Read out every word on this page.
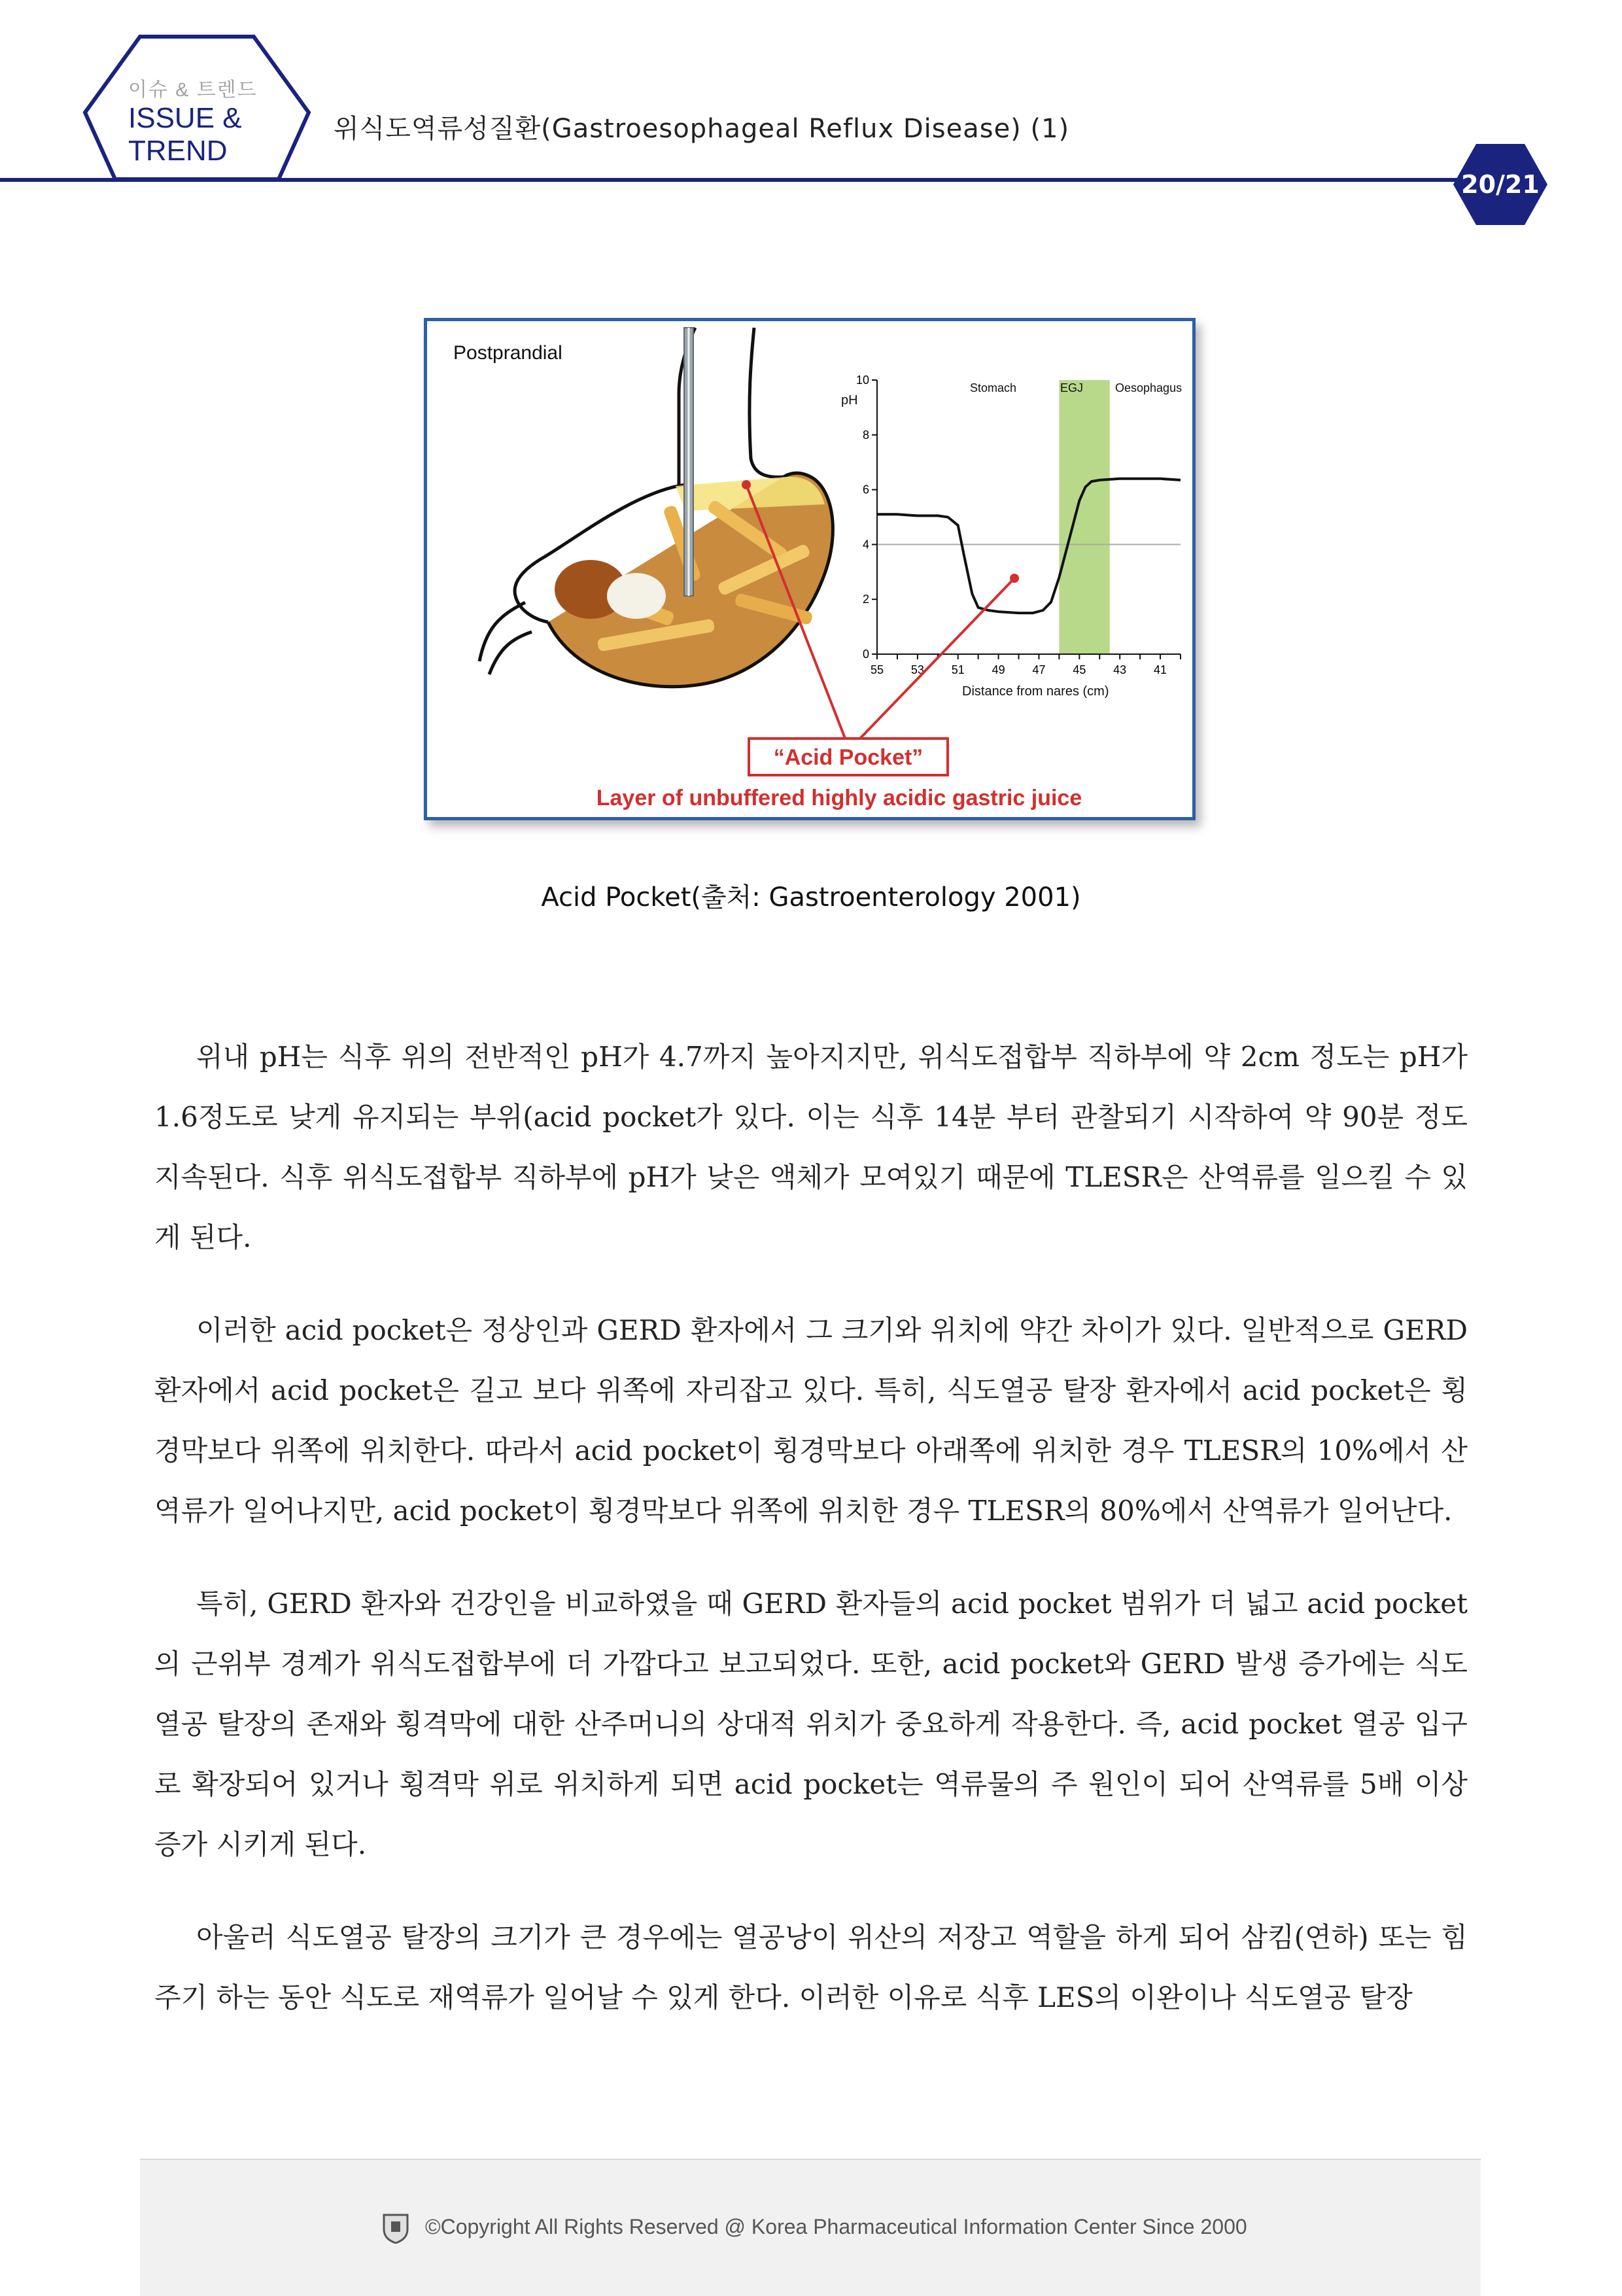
이슈 & 트렌드

ISSUE &

TREND

위식도역류성질환(Gastroesophageal Reflux Disease) (1)
20/21
Postprandial
0
2
4
6
8
10
55 53 51 49 47 45 43 41
pH
Stomach	EGJ	Oesophagus
Distance from nares (cm)
“Acid Pocket”
Layer of unbuffered highly acidic gastric juice
Acid Pocket(출처: Gastroenterology 2001)

위내 pH는 식후 위의 전반적인 pH가 4.7까지 높아지지만, 위식도접합부 직하부에 약 2cm 정도는 pH가 1.6정도로 낮게 유지되는 부위(acid pocket가 있다. 이는 식후 14분 부터 관찰되기 시작하여 약 90분 정도 지속된다. 식후 위식도접합부 직하부에 pH가 낮은 액체가 모여있기 때문에 TLESR은 산역류를 일으킬 수 있게 된다.

이러한 acid pocket은 정상인과 GERD 환자에서 그 크기와 위치에 약간 차이가 있다. 일반적으로 GERD 환자에서 acid pocket은 길고 보다 위쪽에 자리잡고 있다. 특히, 식도열공 탈장 환자에서 acid pocket은 횡경막보다 위쪽에 위치한다. 따라서 acid pocket이 횡경막보다 아래쪽에 위치한 경우 TLESR의 10%에서 산역류가 일어나지만, acid pocket이 횡경막보다 위쪽에 위치한 경우 TLESR의 80%에서 산역류가 일어난다.

특히, GERD 환자와 건강인을 비교하였을 때 GERD 환자들의 acid pocket 범위가 더 넓고 acid pocket의 근위부 경계가 위식도접합부에 더 가깝다고 보고되었다. 또한, acid pocket와 GERD 발생 증가에는 식도열공 탈장의 존재와 횡격막에 대한 산주머니의 상대적 위치가 중요하게 작용한다. 즉, acid pocket 열공 입구로 확장되어 있거나 횡격막 위로 위치하게 되면 acid pocket는 역류물의 주 원인이 되어 산역류를 5배 이상 증가 시키게 된다.

아울러 식도열공 탈장의 크기가 큰 경우에는 열공낭이 위산의 저장고 역할을 하게 되어 삼킴(연하) 또는 힘주기 하는 동안 식도로 재역류가 일어날 수 있게 한다. 이러한 이유로 식후 LES의 이완이나 식도열공 탈장

©Copyright All Rights Reserved @ Korea Pharmaceutical Information Center Since 2000
